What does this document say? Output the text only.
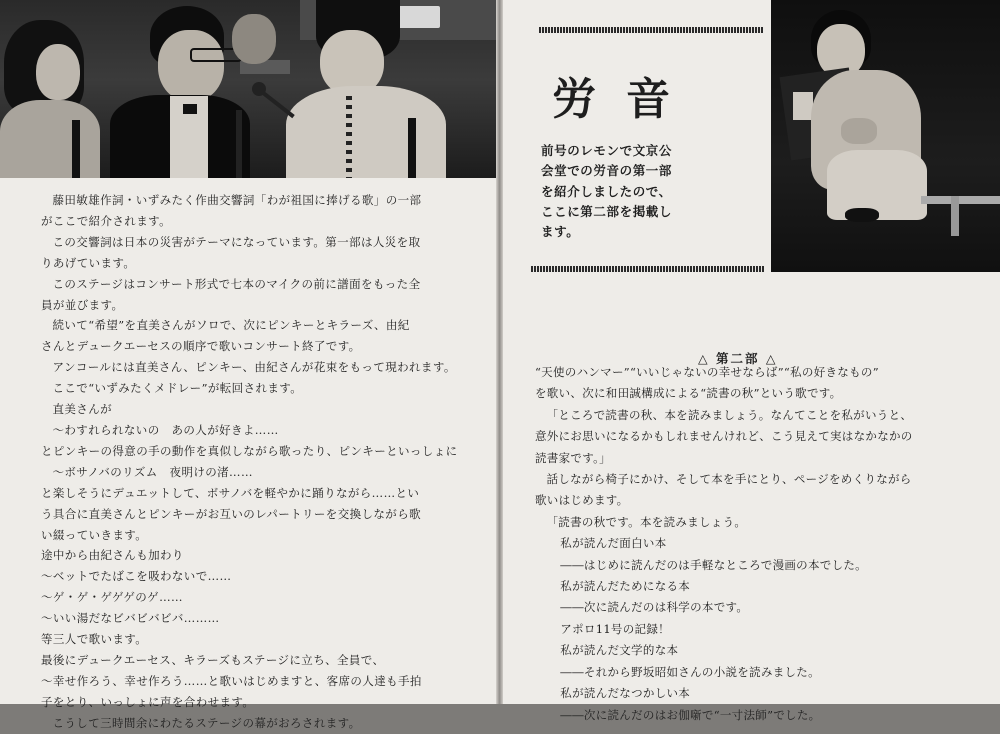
藤田敏雄作詞・いずみたく作曲交響詞「わが祖国に捧げる歌」の一部

がここで紹介されます。

この交響詞は日本の災害がテーマになっています。第一部は人災を取

りあげています。

このステージはコンサート形式で七本のマイクの前に譜面をもった全

員が並びます。

続いて“希望”を直美さんがソロで、次にピンキーとキラーズ、由紀

さんとデュークエーセスの順序で歌いコンサート終了です。

アンコールには直美さん、ピンキー、由紀さんが花束をもって現われます。

ここで“いずみたくメドレー”が転回されます。

直美さんが

〜わすれられないの　あの人が好きよ……

とピンキーの得意の手の動作を真似しながら歌ったり、ピンキーといっしょに

〜ボサノバのリズム　夜明けの渚……

と楽しそうにデュエットして、ボサノバを軽やかに踊りながら……とい

う具合に直美さんとピンキーがお互いのレパートリーを交換しながら歌

い綴っていきます。

途中から由紀さんも加わり

〜ベットでたばこを吸わないで……

〜ゲ・ゲ・ゲゲゲのゲ……

〜いい湯だなビバビバビバ………

等三人で歌います。

最後にデュークエーセス、キラーズもステージに立ち、全員で、

〜幸せ作ろう、幸せ作ろう……と歌いはじめますと、客席の人達も手拍

子をとり、いっしょに声を合わせます。

こうして三時間余にわたるステージの幕がおろされます。

労音

前号のレモンで文京公

会堂での労音の第一部

を紹介しましたので、

ここに第二部を掲載し

ます。

△ 第二部 △

“天使のハンマー”“いいじゃないの幸せならば”“私の好きなもの”

を歌い、次に和田誠構成による“読書の秋”という歌です。

「ところで読書の秋、本を読みましょう。なんてことを私がいうと、

意外にお思いになるかもしれませんけれど、こう見えて実はなかなかの

読書家です。」

話しながら椅子にかけ、そして本を手にとり、ページをめくりながら

歌いはじめます。

「読書の秋です。本を読みましょう。

私が読んだ面白い本

――はじめに読んだのは手軽なところで漫画の本でした。

私が読んだためになる本

――次に読んだのは科学の本です。

アポロ11号の記録！

私が読んだ文学的な本

――それから野坂昭如さんの小説を読みました。

私が読んだなつかしい本

――次に読んだのはお伽噺で“一寸法師”でした。
